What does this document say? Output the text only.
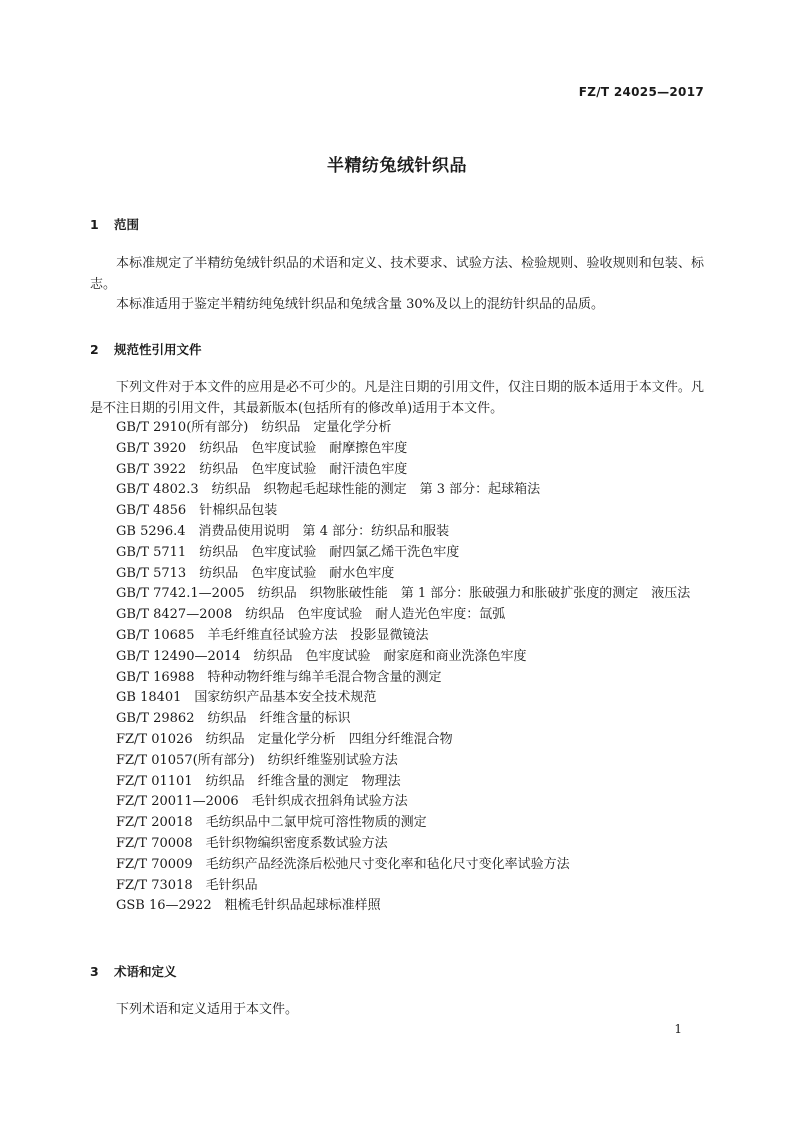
FZ/T 24025—2017
半精纺兔绒针织品
1 范围

本标准规定了半精纺兔绒针织品的术语和定义、技术要求、试验方法、检验规则、验收规则和包装、标志。

本标准适用于鉴定半精纺纯兔绒针织品和兔绒含量 30%及以上的混纺针织品的品质。

2 规范性引用文件

下列文件对于本文件的应用是必不可少的。凡是注日期的引用文件，仅注日期的版本适用于本文件。凡是不注日期的引用文件，其最新版本(包括所有的修改单)适用于本文件。

GB/T 2910(所有部分)　纺织品　定量化学分析
GB/T 3920　纺织品　色牢度试验　耐摩擦色牢度
GB/T 3922　纺织品　色牢度试验　耐汗渍色牢度
GB/T 4802.3　纺织品　织物起毛起球性能的测定　第 3 部分：起球箱法
GB/T 4856　针棉织品包装
GB 5296.4　消费品使用说明　第 4 部分：纺织品和服装
GB/T 5711　纺织品　色牢度试验　耐四氯乙烯干洗色牢度
GB/T 5713　纺织品　色牢度试验　耐水色牢度
GB/T 7742.1—2005　纺织品　织物胀破性能　第 1 部分：胀破强力和胀破扩张度的测定　液压法
GB/T 8427—2008　纺织品　色牢度试验　耐人造光色牢度：氙弧
GB/T 10685　羊毛纤维直径试验方法　投影显微镜法
GB/T 12490—2014　纺织品　色牢度试验　耐家庭和商业洗涤色牢度
GB/T 16988　特种动物纤维与绵羊毛混合物含量的测定
GB 18401　国家纺织产品基本安全技术规范
GB/T 29862　纺织品　纤维含量的标识
FZ/T 01026　纺织品　定量化学分析　四组分纤维混合物
FZ/T 01057(所有部分)　纺织纤维鉴别试验方法
FZ/T 01101　纺织品　纤维含量的测定　物理法
FZ/T 20011—2006　毛针织成衣扭斜角试验方法
FZ/T 20018　毛纺织品中二氯甲烷可溶性物质的测定
FZ/T 70008　毛针织物编织密度系数试验方法
FZ/T 70009　毛纺织产品经洗涤后松弛尺寸变化率和毡化尺寸变化率试验方法
FZ/T 73018　毛针织品
GSB 16—2922　粗梳毛针织品起球标准样照
3 术语和定义

下列术语和定义适用于本文件。

1
